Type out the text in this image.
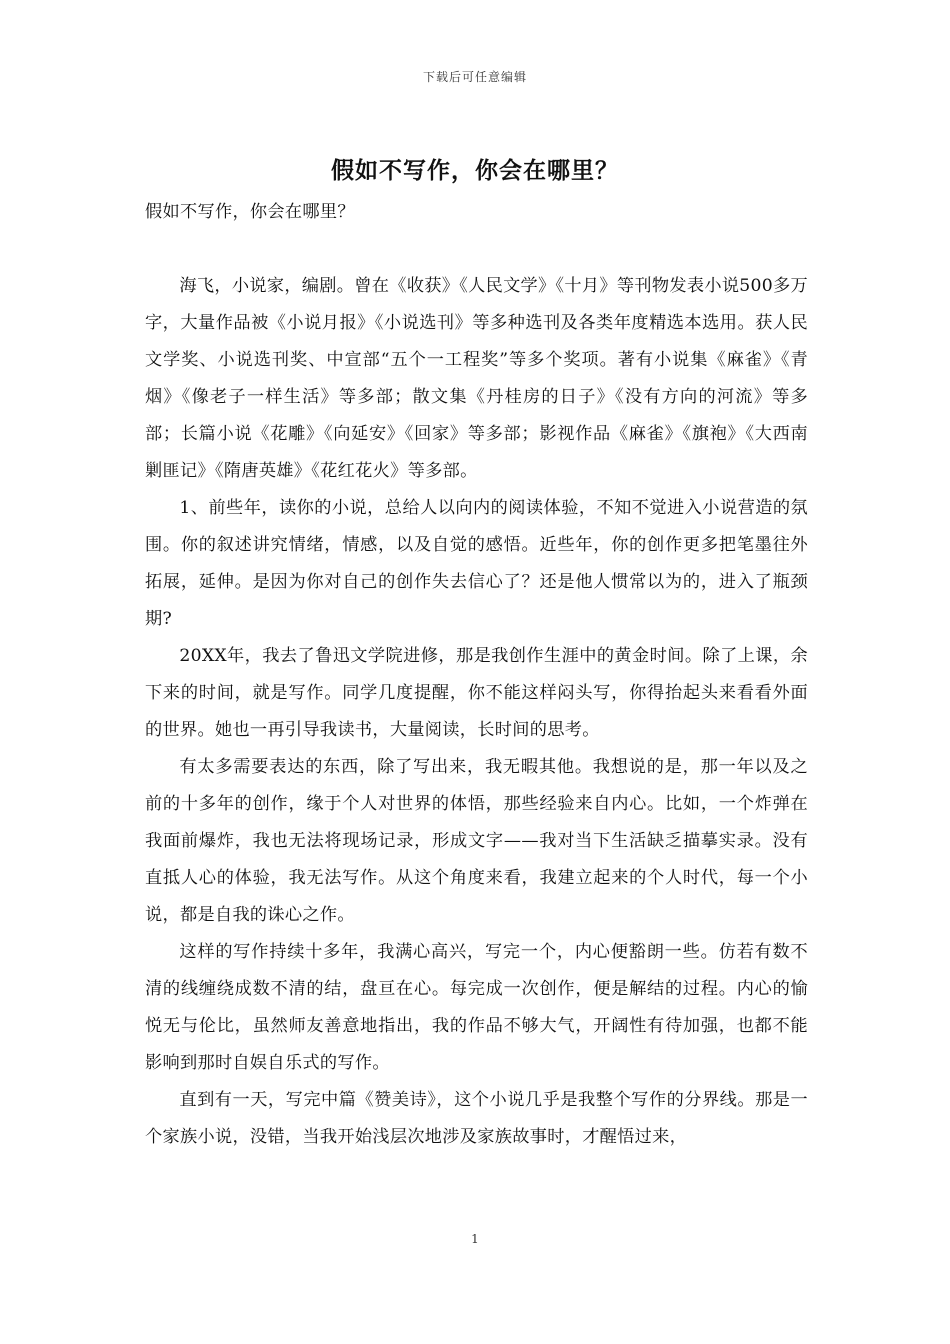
下载后可任意编辑
假如不写作，你会在哪里？

假如不写作，你会在哪里？

海飞，小说家，编剧。曾在《收获》《人民文学》《十月》等刊物发表小说500多万字，大量作品被《小说月报》《小说选刊》等多种选刊及各类年度精选本选用。获人民文学奖、小说选刊奖、中宣部“五个一工程奖”等多个奖项。著有小说集《麻雀》《青烟》《像老子一样生活》等多部；散文集《丹桂房的日子》《没有方向的河流》等多部；长篇小说《花雕》《向延安》《回家》等多部；影视作品《麻雀》《旗袍》《大西南剿匪记》《隋唐英雄》《花红花火》等多部。

1、前些年，读你的小说，总给人以向内的阅读体验，不知不觉进入小说营造的氛围。你的叙述讲究情绪，情感，以及自觉的感悟。近些年，你的创作更多把笔墨往外拓展，延伸。是因为你对自己的创作失去信心了？还是他人惯常以为的，进入了瓶颈期?

20XX年，我去了鲁迅文学院进修，那是我创作生涯中的黄金时间。除了上课，余下来的时间，就是写作。同学几度提醒，你不能这样闷头写，你得抬起头来看看外面的世界。她也一再引导我读书，大量阅读，长时间的思考。

有太多需要表达的东西，除了写出来，我无暇其他。我想说的是，那一年以及之前的十多年的创作，缘于个人对世界的体悟，那些经验来自内心。比如，一个炸弹在我面前爆炸，我也无法将现场记录，形成文字——我对当下生活缺乏描摹实录。没有直抵人心的体验，我无法写作。从这个角度来看，我建立起来的个人时代，每一个小说，都是自我的诛心之作。

这样的写作持续十多年，我满心高兴，写完一个，内心便豁朗一些。仿若有数不清的线缠绕成数不清的结，盘亘在心。每完成一次创作，便是解结的过程。内心的愉悦无与伦比，虽然师友善意地指出，我的作品不够大气，开阔性有待加强，也都不能影响到那时自娱自乐式的写作。

直到有一天，写完中篇《赞美诗》，这个小说几乎是我整个写作的分界线。那是一个家族小说，没错，当我开始浅层次地涉及家族故事时，才醒悟过来，

1
